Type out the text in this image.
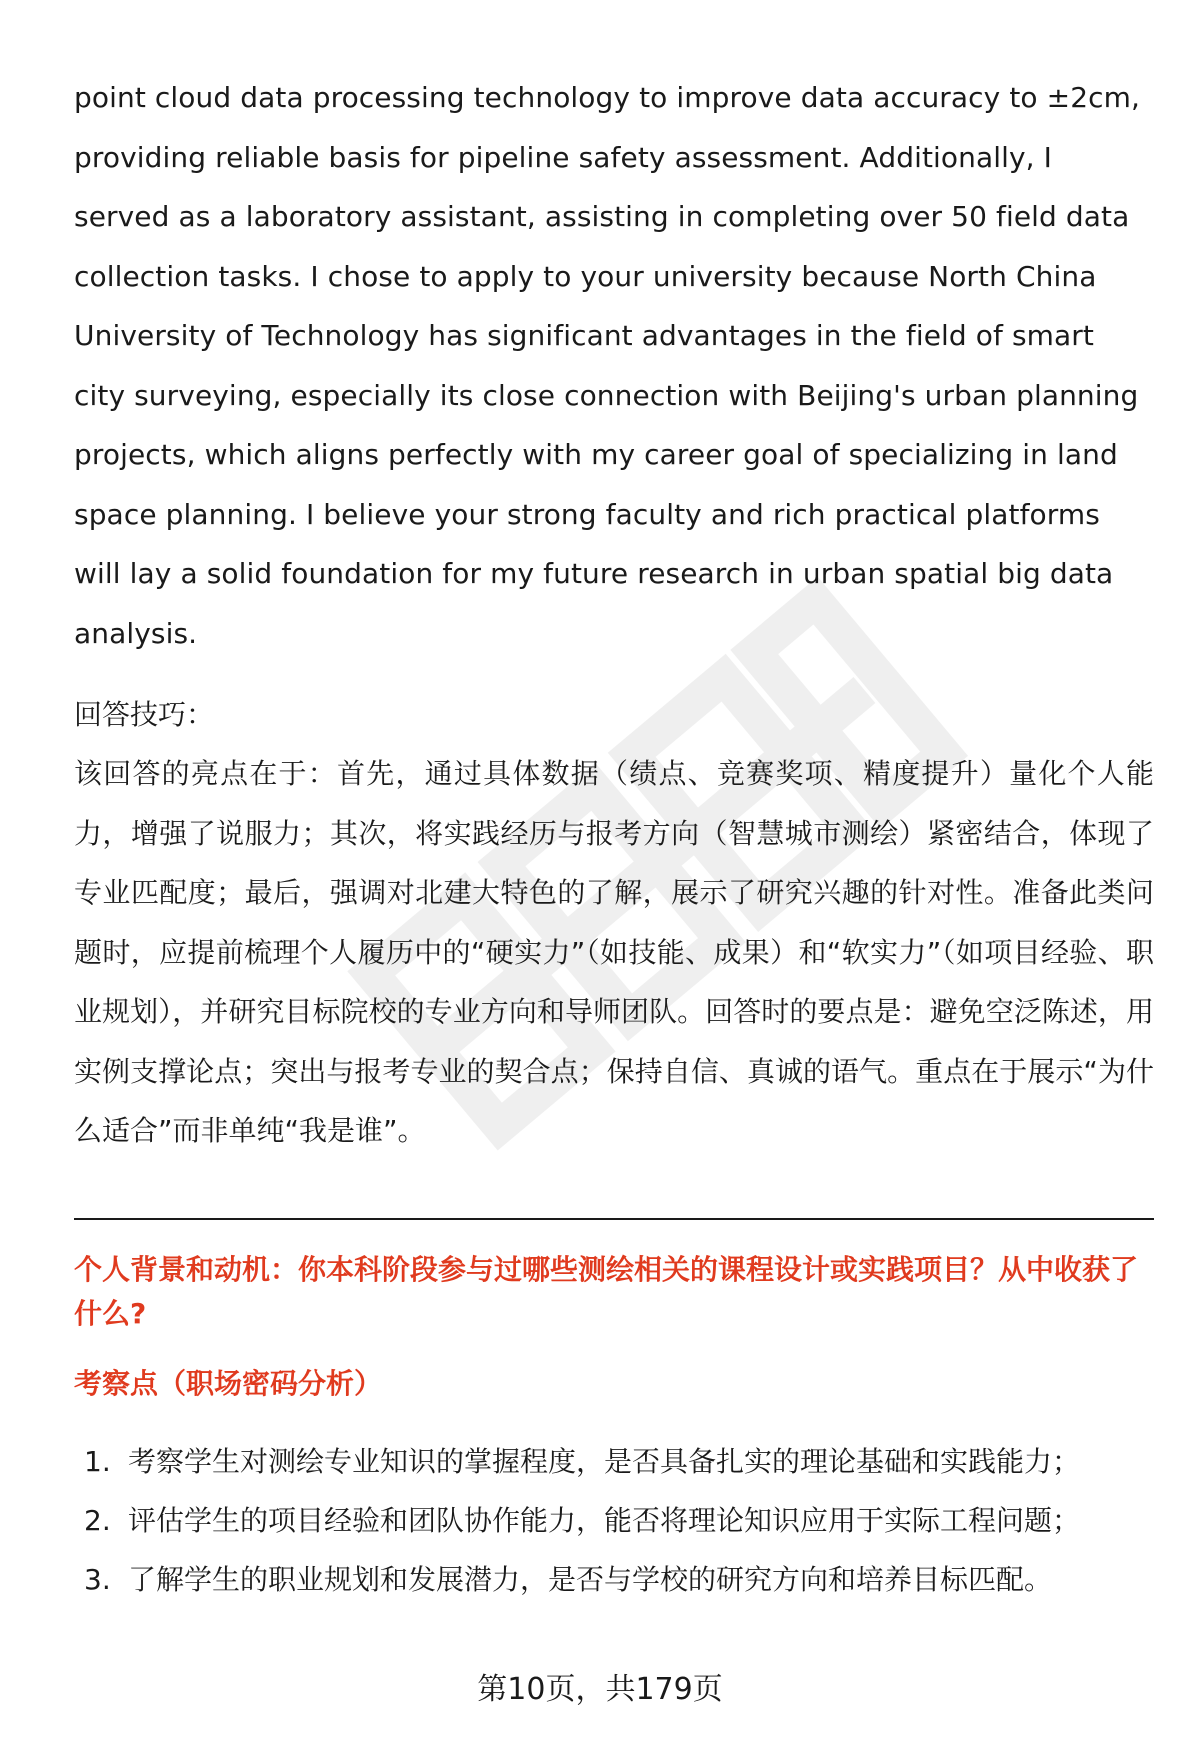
point cloud data processing technology to improve data accuracy to ±2cm, providing reliable basis for pipeline safety assessment. Additionally, I served as a laboratory assistant, assisting in completing over 50 field data collection tasks. I chose to apply to your university because North China University of Technology has significant advantages in the field of smart city surveying, especially its close connection with Beijing's urban planning projects, which aligns perfectly with my career goal of specializing in land space planning. I believe your strong faculty and rich practical platforms will lay a solid foundation for my future research in urban spatial big data analysis.

回答技巧：

该回答的亮点在于：首先，通过具体数据（绩点、竞赛奖项、精度提升）量化个人能力，增强了说服力；其次，将实践经历与报考方向（智慧城市测绘）紧密结合，体现了专业匹配度；最后，强调对北建大特色的了解，展示了研究兴趣的针对性。准备此类问题时，应提前梳理个人履历中的“硬实力”（如技能、成果）和“软实力”（如项目经验、职业规划），并研究目标院校的专业方向和导师团队。回答时的要点是：避免空泛陈述，用实例支撑论点；突出与报考专业的契合点；保持自信、真诚的语气。重点在于展示“为什么适合”而非单纯“我是谁”。

个人背景和动机：你本科阶段参与过哪些测绘相关的课程设计或实践项目？从中收获了什么?

考察点（职场密码分析）

1. 考察学生对测绘专业知识的掌握程度，是否具备扎实的理论基础和实践能力；
2. 评估学生的项目经验和团队协作能力，能否将理论知识应用于实际工程问题；
3. 了解学生的职业规划和发展潜力，是否与学校的研究方向和培养目标匹配。
第10页，共179页
